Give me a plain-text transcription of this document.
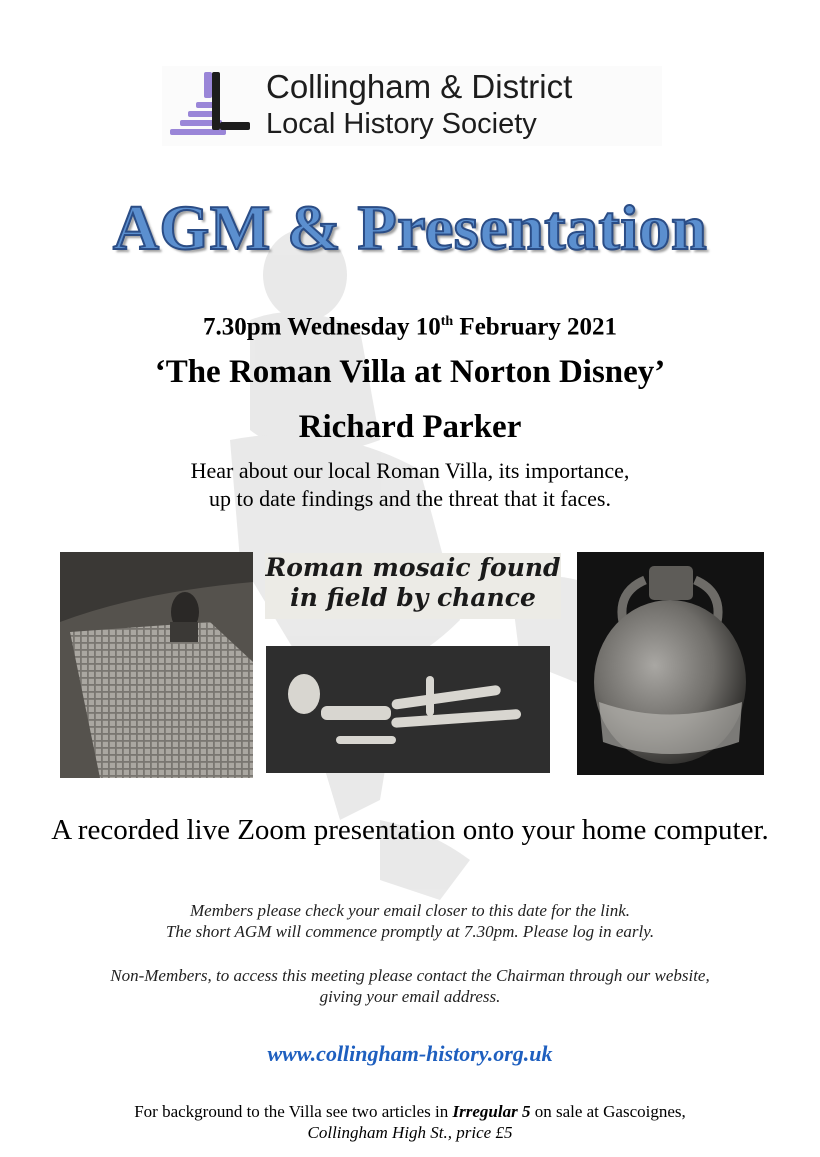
Collingham & District
Local History Society
AGM & Presentation
7.30pm Wednesday 10th February 2021
‘The Roman Villa at Norton Disney’
Richard Parker
Hear about our local Roman Villa, its importance,
up to date findings and the threat that it faces.
Roman mosaic found
in field by chance
A recorded live Zoom presentation onto your home computer.
Members please check your email closer to this date for the link.
The short AGM will commence promptly at 7.30pm. Please log in early.
Non-Members, to access this meeting please contact the Chairman through our website,
giving your email address.
www.collingham-history.org.uk
For background to the Villa see two articles in Irregular 5 on sale at Gascoignes,
Collingham High St., price £5
